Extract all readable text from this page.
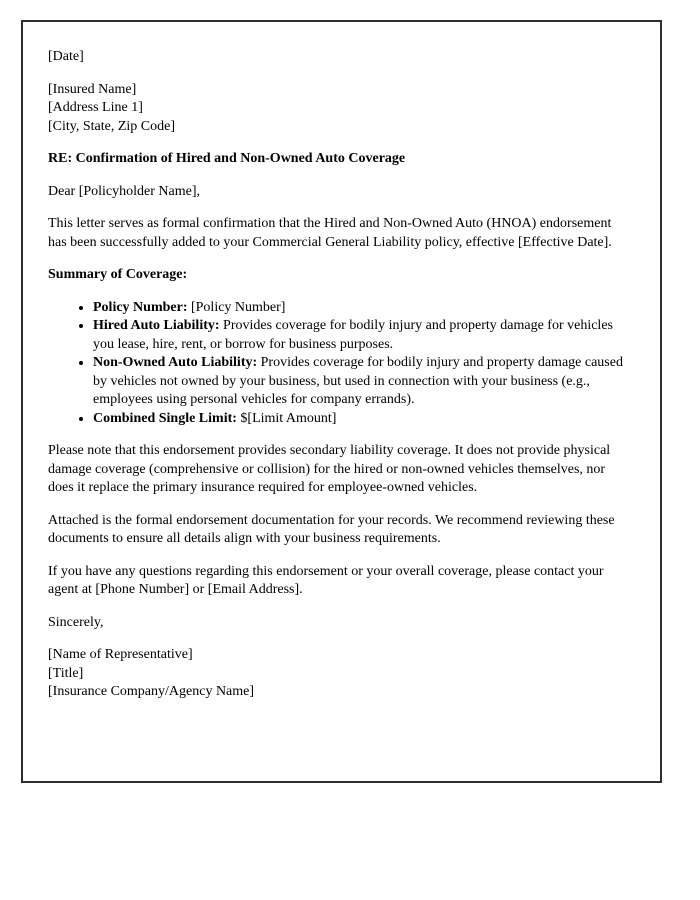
[Date]

[Insured Name]
[Address Line 1]
[City, State, Zip Code]

RE: Confirmation of Hired and Non-Owned Auto Coverage

Dear [Policyholder Name],

This letter serves as formal confirmation that the Hired and Non-Owned Auto (HNOA) endorsement has been successfully added to your Commercial General Liability policy, effective [Effective Date].

Summary of Coverage:

• Policy Number: [Policy Number]
• Hired Auto Liability: Provides coverage for bodily injury and property damage for vehicles you lease, hire, rent, or borrow for business purposes.
• Non-Owned Auto Liability: Provides coverage for bodily injury and property damage caused by vehicles not owned by your business, but used in connection with your business (e.g., employees using personal vehicles for company errands).
• Combined Single Limit: $[Limit Amount]

Please note that this endorsement provides secondary liability coverage. It does not provide physical damage coverage (comprehensive or collision) for the hired or non-owned vehicles themselves, nor does it replace the primary insurance required for employee-owned vehicles.

Attached is the formal endorsement documentation for your records. We recommend reviewing these documents to ensure all details align with your business requirements.

If you have any questions regarding this endorsement or your overall coverage, please contact your agent at [Phone Number] or [Email Address].

Sincerely,

[Name of Representative]
[Title]
[Insurance Company/Agency Name]
